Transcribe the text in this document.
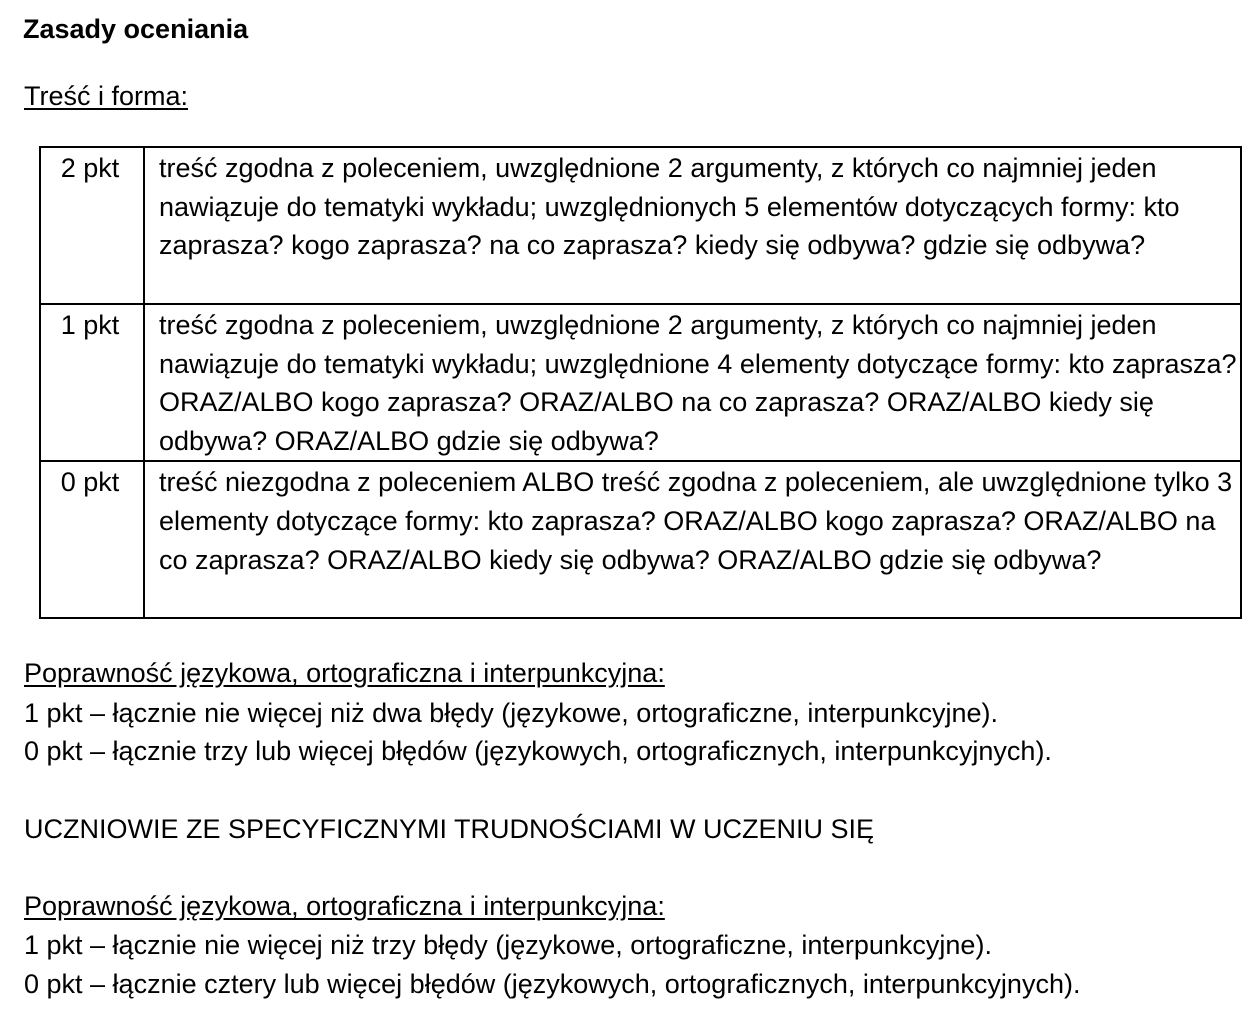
Zasady oceniania

Treść i forma:

2 pkt	treść zgodna z poleceniem, uwzględnione 2 argumenty, z których co najmniej jeden nawiązuje do tematyki wykładu; uwzględnionych 5 elementów dotyczących formy: kto zaprasza? kogo zaprasza? na co zaprasza? kiedy się odbywa? gdzie się odbywa?
1 pkt	treść zgodna z poleceniem, uwzględnione 2 argumenty, z których co najmniej jeden nawiązuje do tematyki wykładu; uwzględnione 4 elementy dotyczące formy: kto zaprasza? ORAZ/ALBO kogo zaprasza? ORAZ/ALBO na co zaprasza? ORAZ/ALBO kiedy się odbywa? ORAZ/ALBO gdzie się odbywa?
0 pkt	treść niezgodna z poleceniem ALBO treść zgodna z poleceniem, ale uwzględnione tylko 3 elementy dotyczące formy: kto zaprasza? ORAZ/ALBO kogo zaprasza? ORAZ/ALBO na co zaprasza? ORAZ/ALBO kiedy się odbywa? ORAZ/ALBO gdzie się odbywa?

Poprawność językowa, ortograficzna i interpunkcyjna:

1 pkt – łącznie nie więcej niż dwa błędy (językowe, ortograficzne, interpunkcyjne).

0 pkt – łącznie trzy lub więcej błędów (językowych, ortograficznych, interpunkcyjnych).

UCZNIOWIE ZE SPECYFICZNYMI TRUDNOŚCIAMI W UCZENIU SIĘ

Poprawność językowa, ortograficzna i interpunkcyjna:

1 pkt – łącznie nie więcej niż trzy błędy (językowe, ortograficzne, interpunkcyjne).

0 pkt – łącznie cztery lub więcej błędów (językowych, ortograficznych, interpunkcyjnych).
